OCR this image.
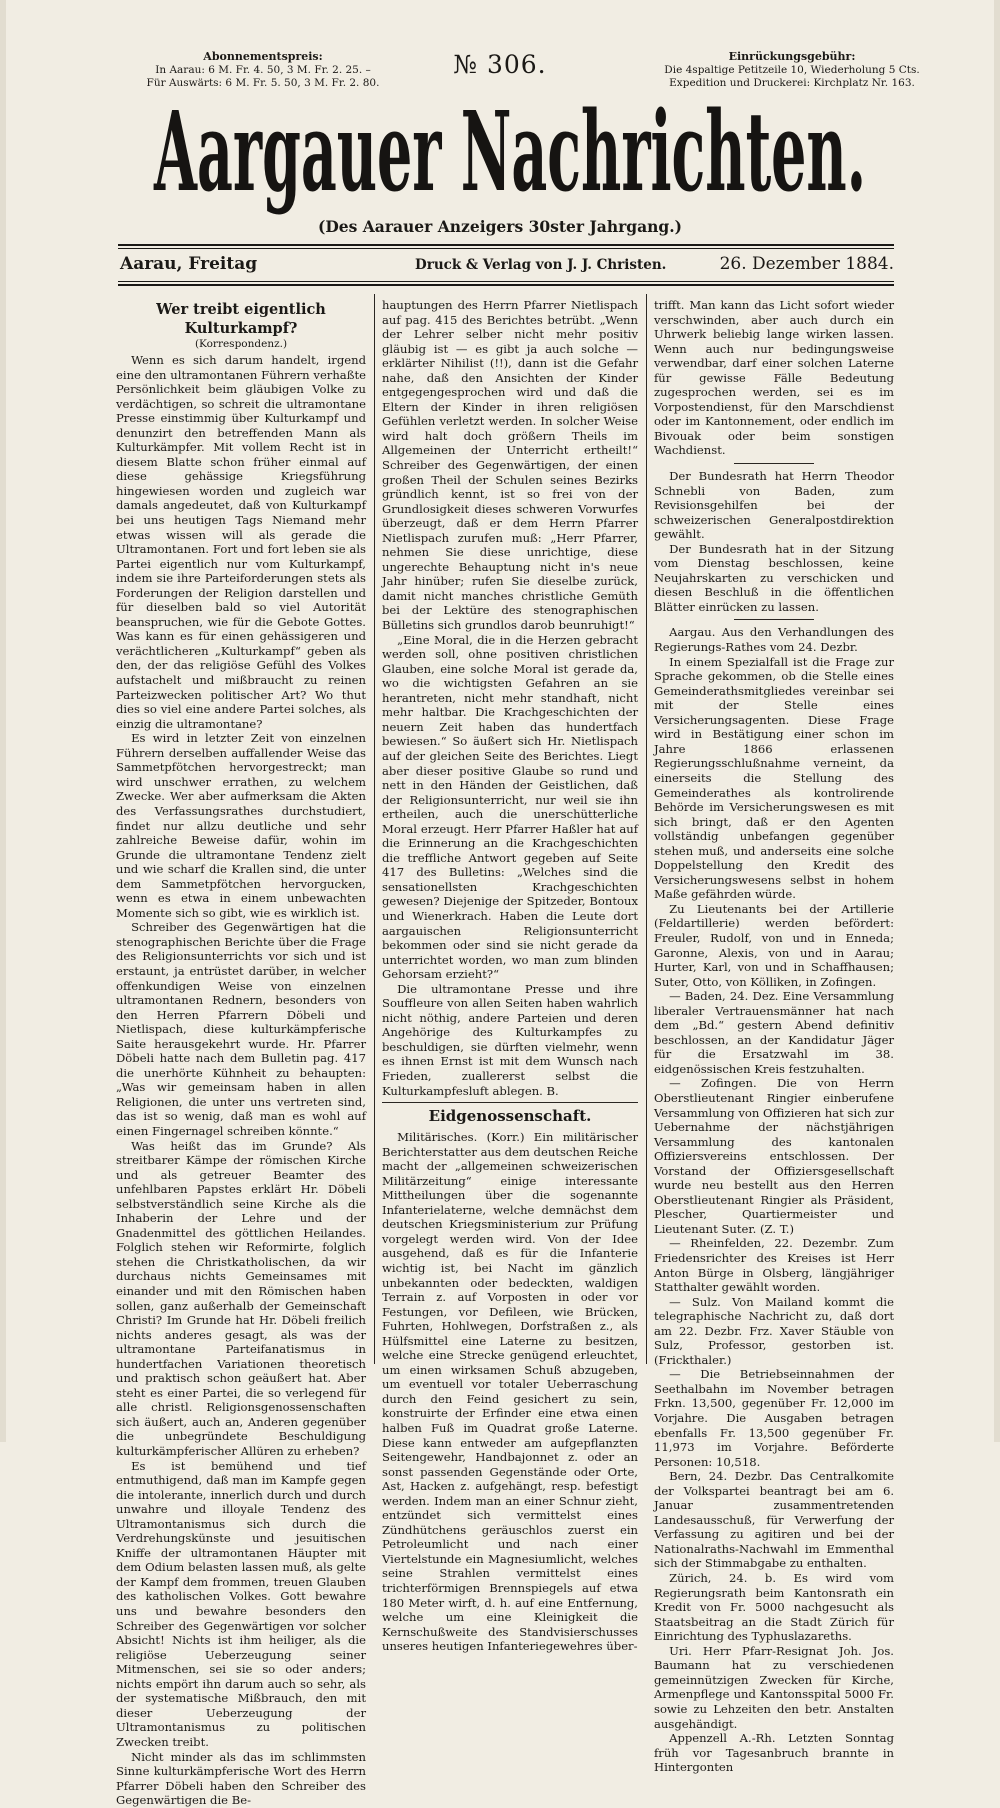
Abonnementspreis:
In Aarau: 6 M. Fr. 4. 50, 3 M. Fr. 2. 25. –
Für Auswärts: 6 M. Fr. 5. 50, 3 M. Fr. 2. 80.
№ 306.	Einrückungsgebühr:
Die 4spaltige Petitzeile 10, Wiederholung 5 Cts.
Expedition und Druckerei: Kirchplatz Nr. 163.
Aargauer Nachrichten.
(Des Aarauer Anzeigers 30ster Jahrgang.)
Aarau, Freitag	Druck & Verlag von J. J. Christen.	26. Dezember 1884.
Wer treibt eigentlich Kulturkampf?
(Korrespondenz.)

Wenn es sich darum handelt, irgend eine den ultramontanen Führern verhaßte Persönlichkeit beim gläubigen Volke zu verdächtigen, so schreit die ultramontane Presse einstimmig über Kulturkampf und denunzirt den betreffenden Mann als Kulturkämpfer. Mit vollem Recht ist in diesem Blatte schon früher einmal auf diese gehässige Kriegsführung hingewiesen worden und zugleich war damals angedeutet, daß von Kulturkampf bei uns heutigen Tags Niemand mehr etwas wissen will als gerade die Ultramontanen. Fort und fort leben sie als Partei eigentlich nur vom Kulturkampf, indem sie ihre Parteiforderungen stets als Forderungen der Religion darstellen und für dieselben bald so viel Autorität beanspruchen, wie für die Gebote Gottes. Was kann es für einen gehässigeren und verächtlicheren „Kulturkampf“ geben als den, der das religiöse Gefühl des Volkes aufstachelt und mißbraucht zu reinen Parteizwecken politischer Art? Wo thut dies so viel eine andere Partei solches, als einzig die ultramontane?

Es wird in letzter Zeit von einzelnen Führern derselben auffallender Weise das Sammetpfötchen hervorgestreckt; man wird unschwer errathen, zu welchem Zwecke. Wer aber aufmerksam die Akten des Verfassungsrathes durchstudiert, findet nur allzu deutliche und sehr zahlreiche Beweise dafür, wohin im Grunde die ultramontane Tendenz zielt und wie scharf die Krallen sind, die unter dem Sammetpfötchen hervorgucken, wenn es etwa in einem unbewachten Momente sich so gibt, wie es wirklich ist.

Schreiber des Gegenwärtigen hat die stenographischen Berichte über die Frage des Religionsunterrichts vor sich und ist erstaunt, ja entrüstet darüber, in welcher offenkundigen Weise von einzelnen ultramontanen Rednern, besonders von den Herren Pfarrern Döbeli und Nietlispach, diese kulturkämpferische Saite herausgekehrt wurde. Hr. Pfarrer Döbeli hatte nach dem Bulletin pag. 417 die unerhörte Kühnheit zu behaupten: „Was wir gemeinsam haben in allen Religionen, die unter uns vertreten sind, das ist so wenig, daß man es wohl auf einen Fingernagel schreiben könnte.“

Was heißt das im Grunde? Als streitbarer Kämpe der römischen Kirche und als getreuer Beamter des unfehlbaren Papstes erklärt Hr. Döbeli selbstverständlich seine Kirche als die Inhaberin der Lehre und der Gnadenmittel des göttlichen Heilandes. Folglich stehen wir Reformirte, folglich stehen die Christkatholischen, da wir durchaus nichts Gemeinsames mit einander und mit den Römischen haben sollen, ganz außerhalb der Gemeinschaft Christi? Im Grunde hat Hr. Döbeli freilich nichts anderes gesagt, als was der ultramontane Parteifanatismus in hundertfachen Variationen theoretisch und praktisch schon geäußert hat. Aber steht es einer Partei, die so verlegend für alle christl. Religionsgenossenschaften sich äußert, auch an, Anderen gegenüber die unbegründete Beschuldigung kulturkämpferischer Allüren zu erheben?

Es ist bemühend und tief entmuthigend, daß man im Kampfe gegen die intolerante, innerlich durch und durch unwahre und illoyale Tendenz des Ultramontanismus sich durch die Verdrehungskünste und jesuitischen Kniffe der ultramontanen Häupter mit dem Odium belasten lassen muß, als gelte der Kampf dem frommen, treuen Glauben des katholischen Volkes. Gott bewahre uns und bewahre besonders den Schreiber des Gegenwärtigen vor solcher Absicht! Nichts ist ihm heiliger, als die religiöse Ueberzeugung seiner Mitmenschen, sei sie so oder anders; nichts empört ihn darum auch so sehr, als der systematische Mißbrauch, den mit dieser Ueberzeugung der Ultramontanismus zu politischen Zwecken treibt.

Nicht minder als das im schlimmsten Sinne kulturkämpferische Wort des Herrn Pfarrer Döbeli haben den Schreiber des Gegenwärtigen die Be-

hauptungen des Herrn Pfarrer Nietlispach auf pag. 415 des Berichtes betrübt. „Wenn der Lehrer selber nicht mehr positiv gläubig ist — es gibt ja auch solche — erklärter Nihilist (!!), dann ist die Gefahr nahe, daß den Ansichten der Kinder entgegengesprochen wird und daß die Eltern der Kinder in ihren religiösen Gefühlen verletzt werden. In solcher Weise wird halt doch größern Theils im Allgemeinen der Unterricht ertheilt!“ Schreiber des Gegenwärtigen, der einen großen Theil der Schulen seines Bezirks gründlich kennt, ist so frei von der Grundlosigkeit dieses schweren Vorwurfes überzeugt, daß er dem Herrn Pfarrer Nietlispach zurufen muß: „Herr Pfarrer, nehmen Sie diese unrichtige, diese ungerechte Behauptung nicht in's neue Jahr hinüber; rufen Sie dieselbe zurück, damit nicht manches christliche Gemüth bei der Lektüre des stenographischen Bülletins sich grundlos darob beunruhigt!“

„Eine Moral, die in die Herzen gebracht werden soll, ohne positiven christlichen Glauben, eine solche Moral ist gerade da, wo die wichtigsten Gefahren an sie herantreten, nicht mehr standhaft, nicht mehr haltbar. Die Krachgeschichten der neuern Zeit haben das hundertfach bewiesen.“ So äußert sich Hr. Nietlispach auf der gleichen Seite des Berichtes. Liegt aber dieser positive Glaube so rund und nett in den Händen der Geistlichen, daß der Religionsunterricht, nur weil sie ihn ertheilen, auch die unerschütterliche Moral erzeugt. Herr Pfarrer Haßler hat auf die Erinnerung an die Krachgeschichten die treffliche Antwort gegeben auf Seite 417 des Bulletins: „Welches sind die sensationellsten Krachgeschichten gewesen? Diejenige der Spitzeder, Bontoux und Wienerkrach. Haben die Leute dort aargauischen Religionsunterricht bekommen oder sind sie nicht gerade da unterrichtet worden, wo man zum blinden Gehorsam erzieht?“

Die ultramontane Presse und ihre Souffleure von allen Seiten haben wahrlich nicht nöthig, andere Parteien und deren Angehörige des Kulturkampfes zu beschuldigen, sie dürften vielmehr, wenn es ihnen Ernst ist mit dem Wunsch nach Frieden, zuallererst selbst die Kulturkampfesluft ablegen. B.

Eidgenossenschaft.

Militärisches. (Korr.) Ein militärischer Berichterstatter aus dem deutschen Reiche macht der „allgemeinen schweizerischen Militärzeitung“ einige interessante Mittheilungen über die sogenannte Infanterielaterne, welche demnächst dem deutschen Kriegsministerium zur Prüfung vorgelegt werden wird. Von der Idee ausgehend, daß es für die Infanterie wichtig ist, bei Nacht im gänzlich unbekannten oder bedeckten, waldigen Terrain z. auf Vorposten in oder vor Festungen, vor Defileen, wie Brücken, Fuhrten, Hohlwegen, Dorfstraßen z., als Hülfsmittel eine Laterne zu besitzen, welche eine Strecke genügend erleuchtet, um einen wirksamen Schuß abzugeben, um eventuell vor totaler Ueberraschung durch den Feind gesichert zu sein, konstruirte der Erfinder eine etwa einen halben Fuß im Quadrat große Laterne. Diese kann entweder am aufgepflanzten Seitengewehr, Handbajonnet z. oder an sonst passenden Gegenstände oder Orte, Ast, Hacken z. aufgehängt, resp. befestigt werden. Indem man an einer Schnur zieht, entzündet sich vermittelst eines Zündhütchens geräuschlos zuerst ein Petroleumlicht und nach einer Viertelstunde ein Magnesiumlicht, welches seine Strahlen vermittelst eines trichterförmigen Brennspiegels auf etwa 180 Meter wirft, d. h. auf eine Entfernung, welche um eine Kleinigkeit die Kernschußweite des Standvisierschusses unseres heutigen Infanteriegewehres über-

trifft. Man kann das Licht sofort wieder verschwinden, aber auch durch ein Uhrwerk beliebig lange wirken lassen. Wenn auch nur bedingungsweise verwendbar, darf einer solchen Laterne für gewisse Fälle Bedeutung zugesprochen werden, sei es im Vorpostendienst, für den Marschdienst oder im Kantonnement, oder endlich im Bivouak oder beim sonstigen Wachdienst.

Der Bundesrath hat Herrn Theodor Schnebli von Baden, zum Revisionsgehilfen bei der schweizerischen Generalpostdirektion gewählt.

Der Bundesrath hat in der Sitzung vom Dienstag beschlossen, keine Neujahrskarten zu verschicken und diesen Beschluß in die öffentlichen Blätter einrücken zu lassen.

Aargau. Aus den Verhandlungen des Regierungs-Rathes vom 24. Dezbr.

In einem Spezialfall ist die Frage zur Sprache gekommen, ob die Stelle eines Gemeinderathsmitgliedes vereinbar sei mit der Stelle eines Versicherungsagenten. Diese Frage wird in Bestätigung einer schon im Jahre 1866 erlassenen Regierungsschlußnahme verneint, da einerseits die Stellung des Gemeinderathes als kontrolirende Behörde im Versicherungswesen es mit sich bringt, daß er den Agenten vollständig unbefangen gegenüber stehen muß, und anderseits eine solche Doppelstellung den Kredit des Versicherungswesens selbst in hohem Maße gefährden würde.

Zu Lieutenants bei der Artillerie (Feldartillerie) werden befördert: Freuler, Rudolf, von und in Enneda; Garonne, Alexis, von und in Aarau; Hurter, Karl, von und in Schaffhausen; Suter, Otto, von Kölliken, in Zofingen.

— Baden, 24. Dez. Eine Versammlung liberaler Vertrauensmänner hat nach dem „Bd.“ gestern Abend definitiv beschlossen, an der Kandidatur Jäger für die Ersatzwahl im 38. eidgenössischen Kreis festzuhalten.

— Zofingen. Die von Herrn Oberstlieutenant Ringier einberufene Versammlung von Offizieren hat sich zur Uebernahme der nächstjährigen Versammlung des kantonalen Offiziersvereins entschlossen. Der Vorstand der Offiziersgesellschaft wurde neu bestellt aus den Herren Oberstlieutenant Ringier als Präsident, Plescher, Quartiermeister und Lieutenant Suter. (Z. T.)

— Rheinfelden, 22. Dezembr. Zum Friedensrichter des Kreises ist Herr Anton Bürge in Olsberg, längjähriger Statthalter gewählt worden.

— Sulz. Von Mailand kommt die telegraphische Nachricht zu, daß dort am 22. Dezbr. Frz. Xaver Stäuble von Sulz, Professor, gestorben ist. (Frickthaler.)

— Die Betriebseinnahmen der Seethalbahn im November betragen Frkn. 13,500, gegenüber Fr. 12,000 im Vorjahre. Die Ausgaben betragen ebenfalls Fr. 13,500 gegenüber Fr. 11,973 im Vorjahre. Beförderte Personen: 10,518.

Bern, 24. Dezbr. Das Centralkomite der Volkspartei beantragt bei am 6. Januar zusammentretenden Landesausschuß, für Verwerfung der Verfassung zu agitiren und bei der Nationalraths-Nachwahl im Emmenthal sich der Stimmabgabe zu enthalten.

Zürich, 24. b. Es wird vom Regierungsrath beim Kantonsrath ein Kredit von Fr. 5000 nachgesucht als Staatsbeitrag an die Stadt Zürich für Einrichtung des Typhuslazareths.

Uri. Herr Pfarr-Resignat Joh. Jos. Baumann hat zu verschiedenen gemeinnützigen Zwecken für Kirche, Armenpflege und Kantonsspital 5000 Fr. sowie zu Lehzeiten den betr. Anstalten ausgehändigt.

Appenzell A.-Rh. Letzten Sonntag früh vor Tagesanbruch brannte in Hintergonten
